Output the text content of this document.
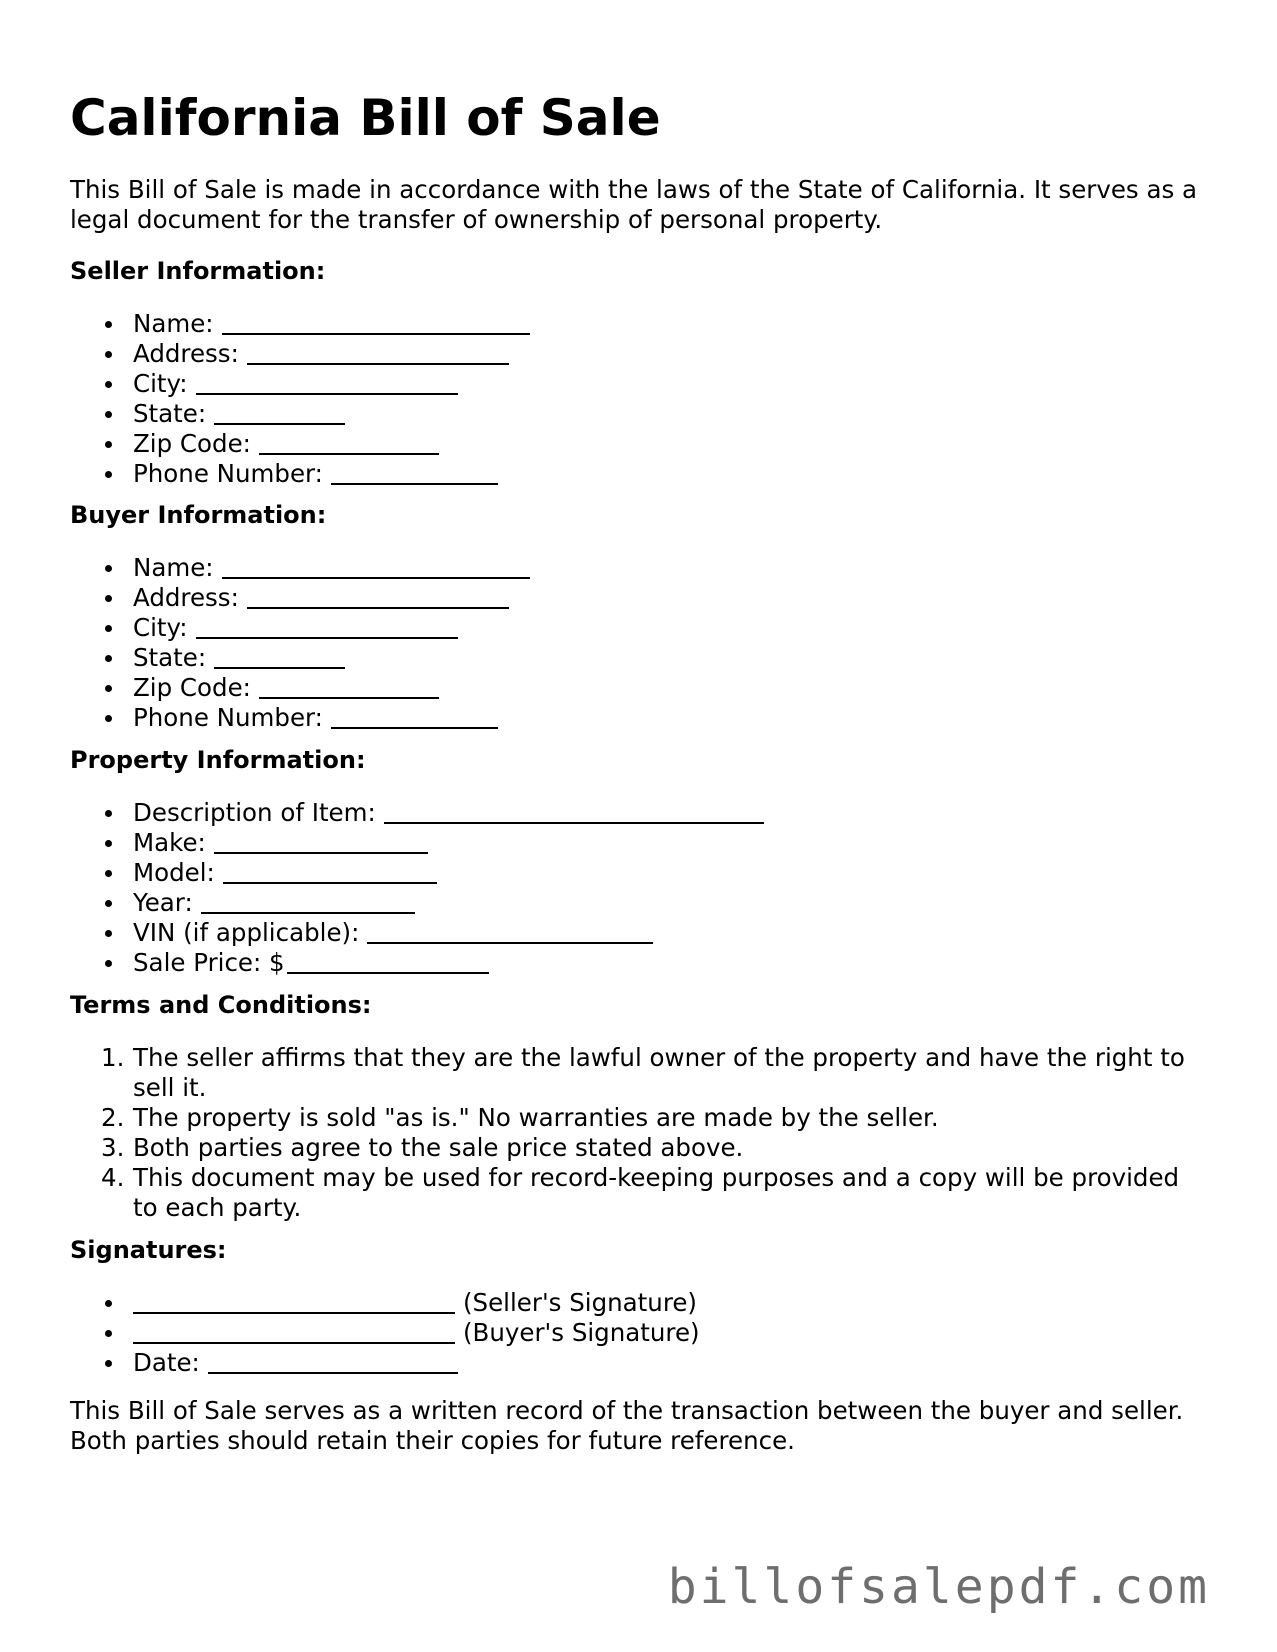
California Bill of Sale

This Bill of Sale is made in accordance with the laws of the State of California. It serves as a legal document for the transfer of ownership of personal property.

Seller Information:

Name:
Address:
City:
State:
Zip Code:
Phone Number:

Buyer Information:

Name:
Address:
City:
State:
Zip Code:
Phone Number:

Property Information:

Description of Item:
Make:
Model:
Year:
VIN (if applicable):
Sale Price: $

Terms and Conditions:

1. The seller affirms that they are the lawful owner of the property and have the right to sell it.
2. The property is sold "as is." No warranties are made by the seller.
3. Both parties agree to the sale price stated above.
4. This document may be used for record-keeping purposes and a copy will be provided to each party.

Signatures:

(Seller's Signature)
(Buyer's Signature)
Date:

This Bill of Sale serves as a written record of the transaction between the buyer and seller. Both parties should retain their copies for future reference.

billofsalepdf.com
